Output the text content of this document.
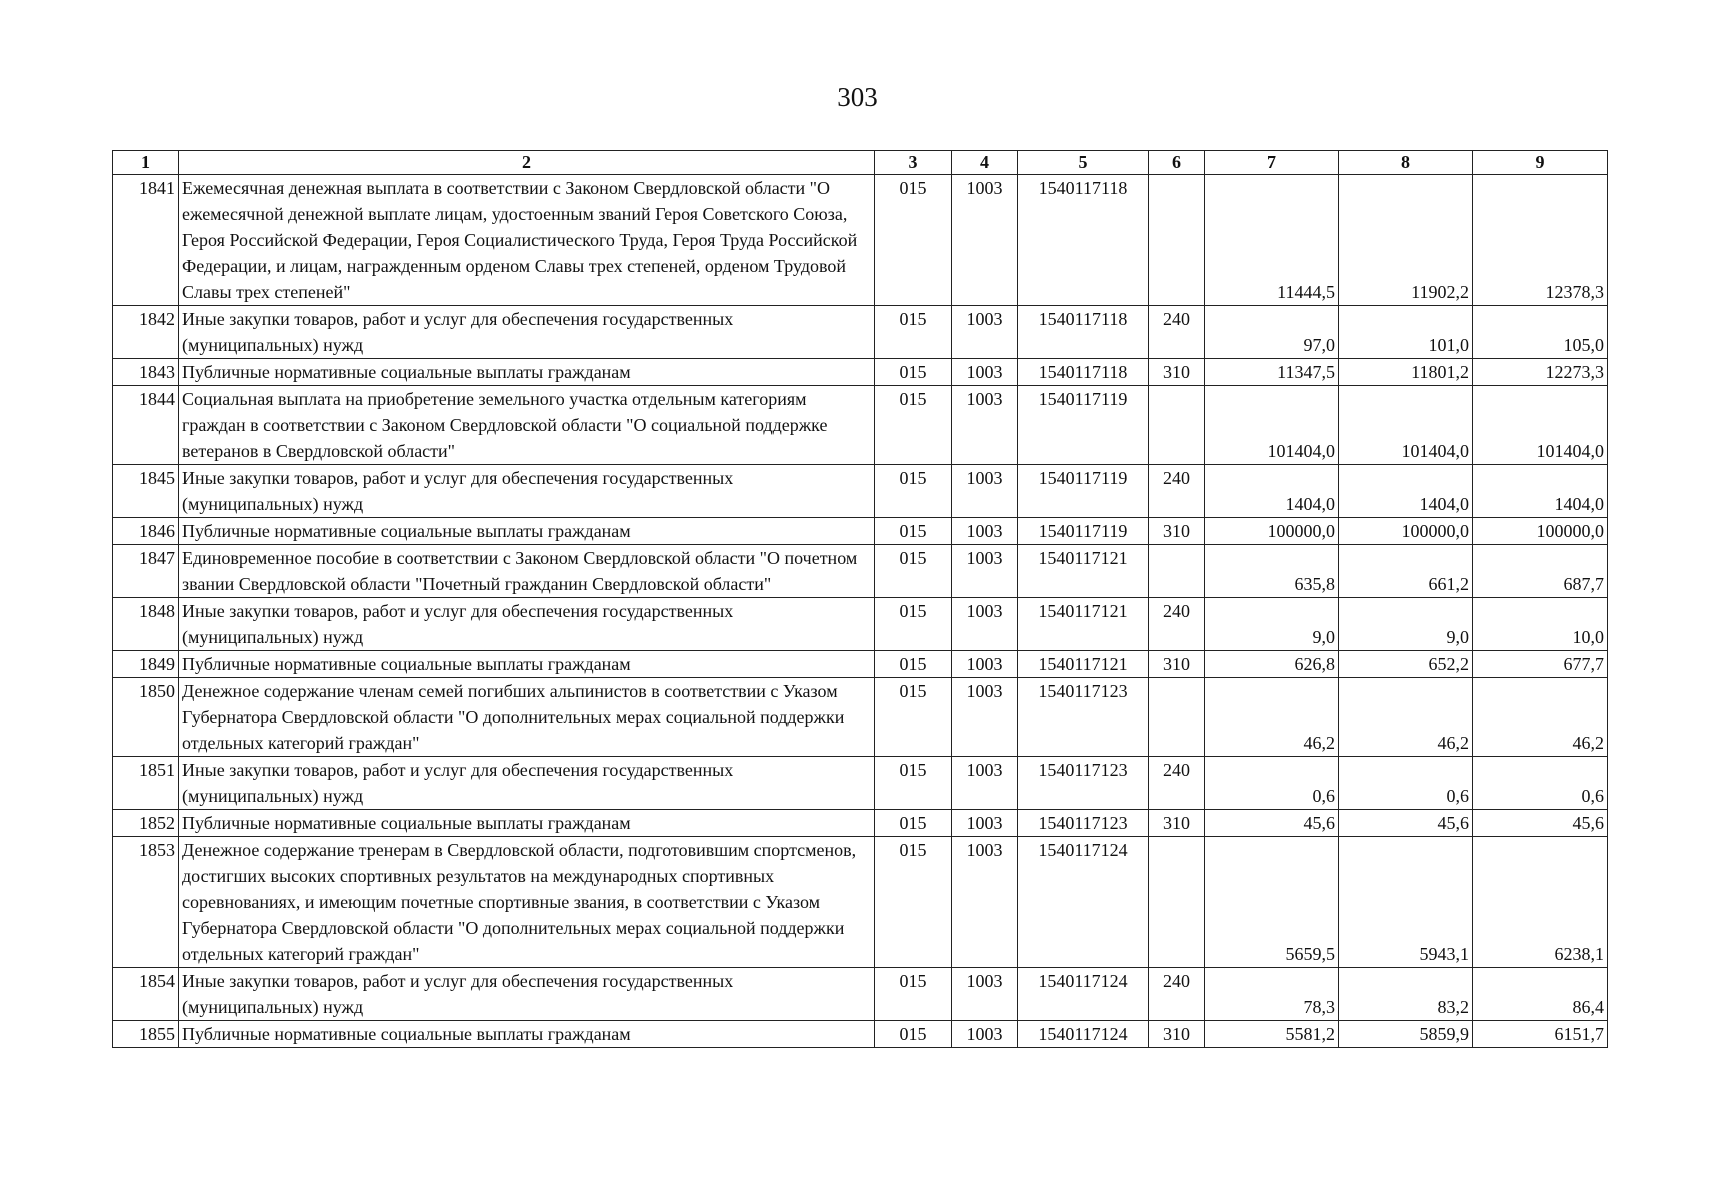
303
1	2	3	4	5	6	7	8	9
1841	Ежемесячная денежная выплата в соответствии с Законом Свердловской области "О ежемесячной денежной выплате лицам, удостоенным званий Героя Советского Союза, Героя Российской Федерации, Героя Социалистического Труда, Героя Труда Российской Федерации, и лицам, награжденным орденом Славы трех степеней, орденом Трудовой Славы трех степеней"	015	1003	1540117118		11444,5	11902,2	12378,3
1842	Иные закупки товаров, работ и услуг для обеспечения государственных (муниципальных) нужд	015	1003	1540117118	240	97,0	101,0	105,0
1843	Публичные нормативные социальные выплаты гражданам	015	1003	1540117118	310	11347,5	11801,2	12273,3
1844	Социальная выплата на приобретение земельного участка отдельным категориям граждан в соответствии с Законом Свердловской области "О социальной поддержке ветеранов в Свердловской области"	015	1003	1540117119		101404,0	101404,0	101404,0
1845	Иные закупки товаров, работ и услуг для обеспечения государственных (муниципальных) нужд	015	1003	1540117119	240	1404,0	1404,0	1404,0
1846	Публичные нормативные социальные выплаты гражданам	015	1003	1540117119	310	100000,0	100000,0	100000,0
1847	Единовременное пособие в соответствии с Законом Свердловской области "О почетном звании Свердловской области "Почетный гражданин Свердловской области"	015	1003	1540117121		635,8	661,2	687,7
1848	Иные закупки товаров, работ и услуг для обеспечения государственных (муниципальных) нужд	015	1003	1540117121	240	9,0	9,0	10,0
1849	Публичные нормативные социальные выплаты гражданам	015	1003	1540117121	310	626,8	652,2	677,7
1850	Денежное содержание членам семей погибших альпинистов в соответствии с Указом Губернатора Свердловской области "О дополнительных мерах социальной поддержки отдельных категорий граждан"	015	1003	1540117123		46,2	46,2	46,2
1851	Иные закупки товаров, работ и услуг для обеспечения государственных (муниципальных) нужд	015	1003	1540117123	240	0,6	0,6	0,6
1852	Публичные нормативные социальные выплаты гражданам	015	1003	1540117123	310	45,6	45,6	45,6
1853	Денежное содержание тренерам в Свердловской области, подготовившим спортсменов, достигших высоких спортивных результатов на международных спортивных соревнованиях, и имеющим почетные спортивные звания, в соответствии с Указом Губернатора Свердловской области "О дополнительных мерах социальной поддержки отдельных категорий граждан"	015	1003	1540117124		5659,5	5943,1	6238,1
1854	Иные закупки товаров, работ и услуг для обеспечения государственных (муниципальных) нужд	015	1003	1540117124	240	78,3	83,2	86,4
1855	Публичные нормативные социальные выплаты гражданам	015	1003	1540117124	310	5581,2	5859,9	6151,7
